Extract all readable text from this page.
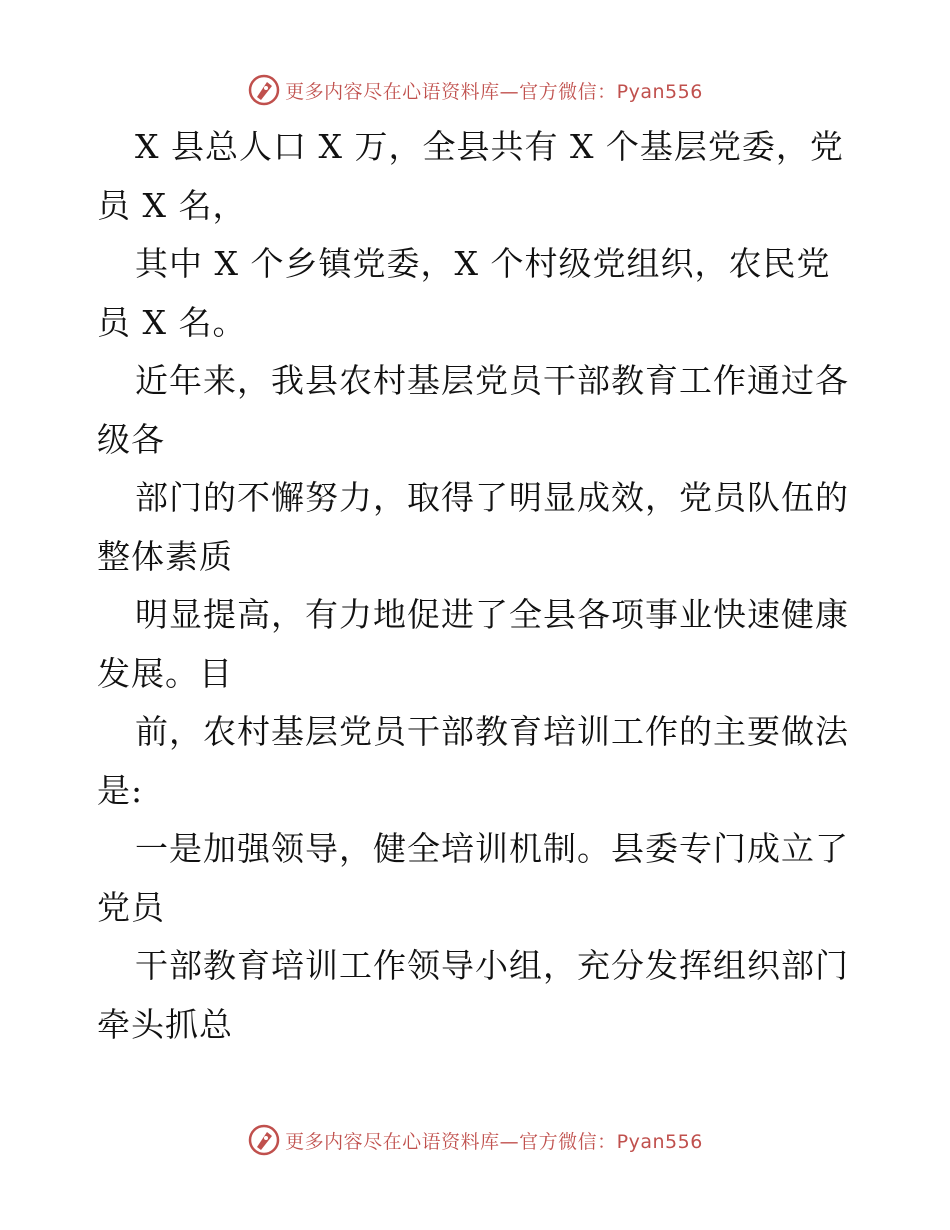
更多内容尽在心语资料库—官方微信：Pyan556
X 县总人口 X 万，全县共有 X 个基层党委，党
员 X 名，
其中 X 个乡镇党委，X 个村级党组织，农民党
员 X 名。
近年来，我县农村基层党员干部教育工作通过各
级各
部门的不懈努力，取得了明显成效，党员队伍的
整体素质
明显提高，有力地促进了全县各项事业快速健康
发展。目
前，农村基层党员干部教育培训工作的主要做法
是:
一是加强领导，健全培训机制。县委专门成立了
党员
干部教育培训工作领导小组，充分发挥组织部门
牵头抓总
更多内容尽在心语资料库—官方微信：Pyan556
